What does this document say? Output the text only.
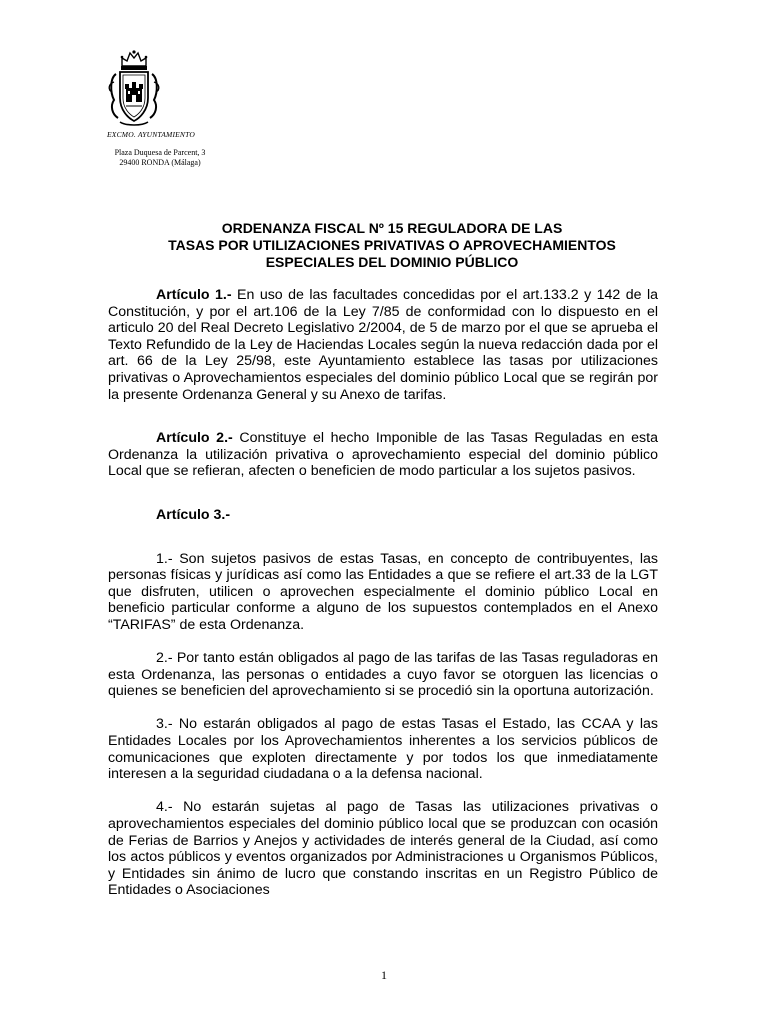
EXCMO. AYUNTAMIENTO
Plaza Duquesa de Parcent, 3
29400 RONDA (Málaga)
ORDENANZA FISCAL Nº 15 REGULADORA DE LAS
TASAS POR UTILIZACIONES PRIVATIVAS O APROVECHAMIENTOS
ESPECIALES DEL DOMINIO PÚBLICO

Artículo 1.- En uso de las facultades concedidas por el art.133.2 y 142 de la Constitución, y por el art.106 de la Ley 7/85 de conformidad con lo dispuesto en el articulo 20 del Real Decreto Legislativo 2/2004, de 5 de marzo por el que se aprueba el Texto Refundido de la Ley de Haciendas Locales según la nueva redacción dada por el art. 66 de la Ley 25/98, este Ayuntamiento establece las tasas por utilizaciones privativas o Aprovechamientos especiales del dominio público Local que se regirán por la presente Ordenanza General y su Anexo de tarifas.

Artículo 2.- Constituye el hecho Imponible de las Tasas Reguladas en esta Ordenanza la utilización privativa o aprovechamiento especial del dominio público Local que se refieran, afecten o beneficien de modo particular a los sujetos pasivos.

Artículo 3.-

1.- Son sujetos pasivos de estas Tasas, en concepto de contribuyentes, las personas físicas y jurídicas así como las Entidades a que se refiere el art.33 de la LGT que disfruten, utilicen o aprovechen especialmente el dominio público Local en beneficio particular conforme a alguno de los supuestos contemplados en el Anexo “TARIFAS” de esta Ordenanza.

2.- Por tanto están obligados al pago de las tarifas de las Tasas reguladoras en esta Ordenanza, las personas o entidades a cuyo favor se otorguen las licencias o quienes se beneficien del aprovechamiento si se procedió sin la oportuna autorización.

3.- No estarán obligados al pago de estas Tasas el Estado, las CCAA y las Entidades Locales por los Aprovechamientos inherentes a los servicios públicos de comunicaciones que exploten directamente y por todos los que inmediatamente interesen a la seguridad ciudadana o a la defensa nacional.

4.- No estarán sujetas al pago de Tasas las utilizaciones privativas o aprovechamientos especiales del dominio público local que se produzcan con ocasión de Ferias de Barrios y Anejos y actividades de interés general de la Ciudad, así como los actos públicos y eventos organizados por Administraciones u Organismos Públicos, y Entidades sin ánimo de lucro que constando inscritas en un Registro Público de Entidades o Asociaciones

1
